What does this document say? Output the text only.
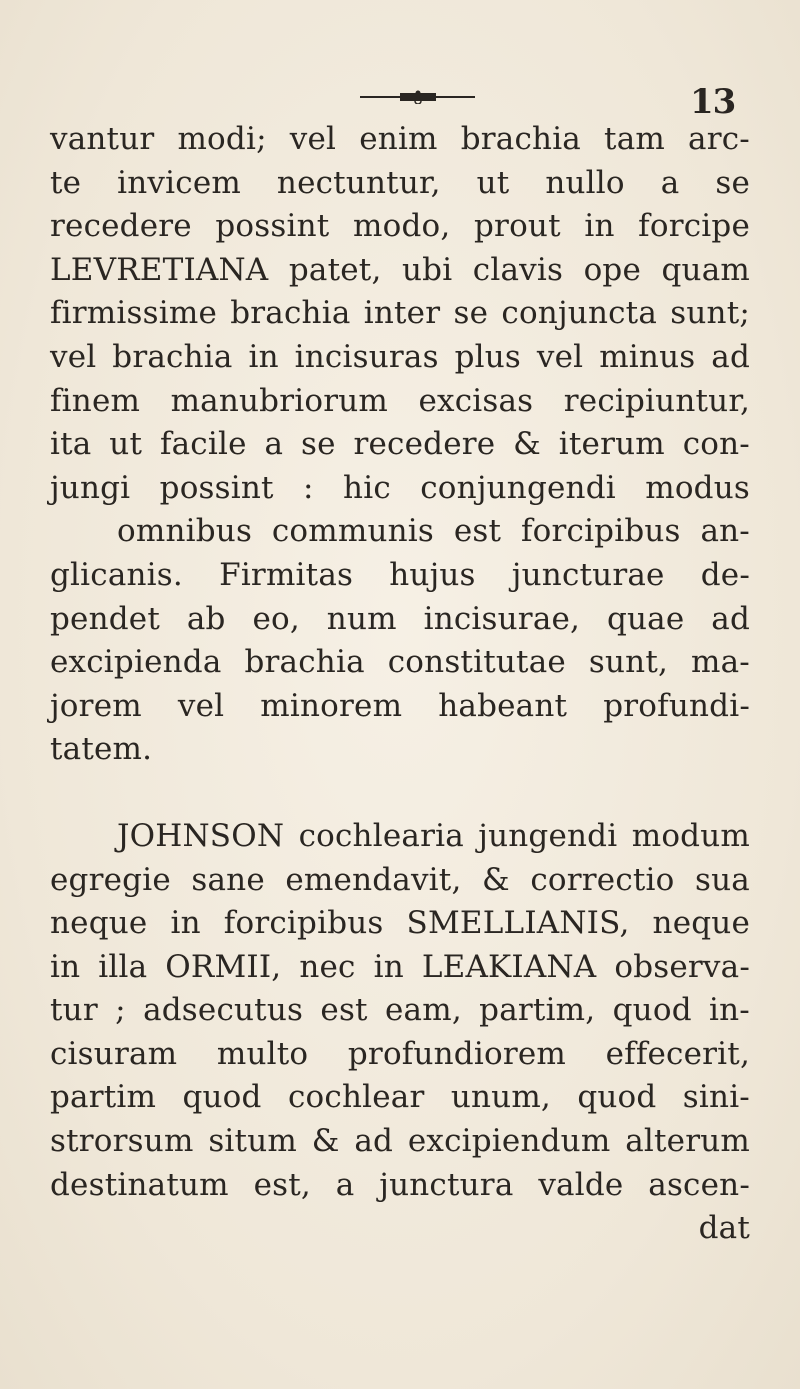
13
vantur modi; vel enim brachia tam arc-
te invicem nectuntur, ut nullo a se
recedere possint modo, prout in forcipe
LEVRETIANA patet, ubi clavis ope quam
firmissime brachia inter se conjuncta sunt;
vel brachia in incisuras plus vel minus ad
finem manubriorum excisas recipiuntur,
ita ut facile a se recedere & iterum con-
jungi possint : hic conjungendi modus
omnibus communis est forcipibus an-
glicanis. Firmitas hujus juncturae de-
pendet ab eo, num incisurae, quae ad
excipienda brachia constitutae sunt, ma-
jorem vel minorem habeant profundi-
tatem.
JOHNSON cochlearia jungendi modum
egregie sane emendavit, & correctio sua
neque in forcipibus SMELLIANIS, neque
in illa ORMII, nec in LEAKIANA observa-
tur ; adsecutus est eam, partim, quod in-
cisuram multo profundiorem effecerit,
partim quod cochlear unum, quod sini-
strorsum situm & ad excipiendum alterum
destinatum est, a junctura valde ascen-
dat
